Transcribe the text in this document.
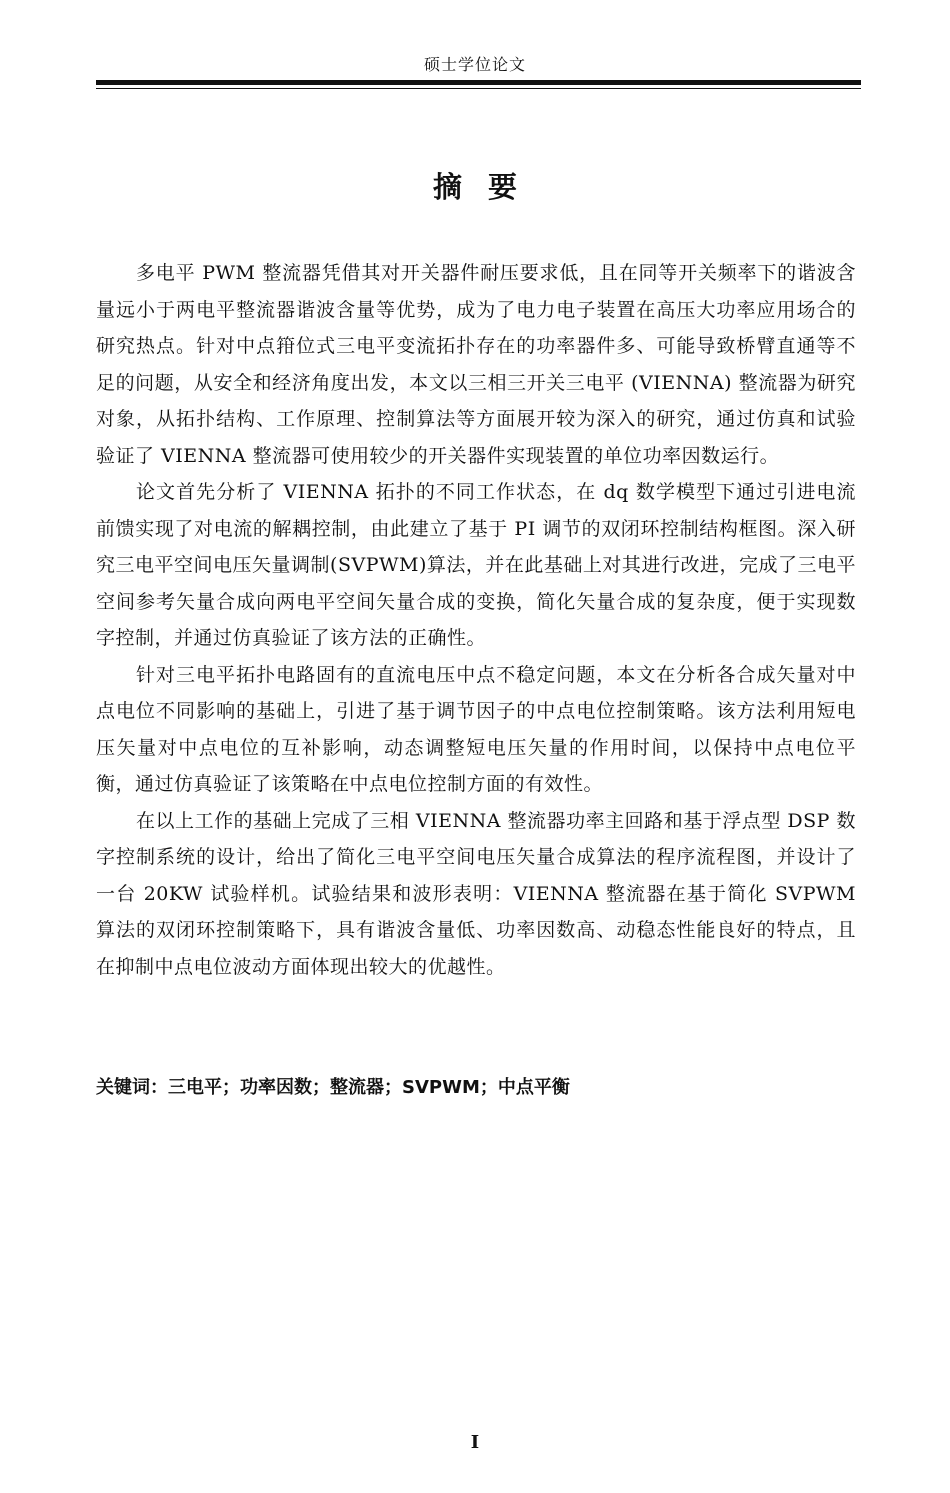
硕士学位论文
摘要

多电平 PWM 整流器凭借其对开关器件耐压要求低，且在同等开关频率下的谐波含量远小于两电平整流器谐波含量等优势，成为了电力电子装置在高压大功率应用场合的研究热点。针对中点箝位式三电平变流拓扑存在的功率器件多、可能导致桥臂直通等不足的问题，从安全和经济角度出发，本文以三相三开关三电平 (VIENNA) 整流器为研究对象，从拓扑结构、工作原理、控制算法等方面展开较为深入的研究，通过仿真和试验验证了 VIENNA 整流器可使用较少的开关器件实现装置的单位功率因数运行。

论文首先分析了 VIENNA 拓扑的不同工作状态，在 dq 数学模型下通过引进电流前馈实现了对电流的解耦控制，由此建立了基于 PI 调节的双闭环控制结构框图。深入研究三电平空间电压矢量调制(SVPWM)算法，并在此基础上对其进行改进，完成了三电平空间参考矢量合成向两电平空间矢量合成的变换，简化矢量合成的复杂度，便于实现数字控制，并通过仿真验证了该方法的正确性。

针对三电平拓扑电路固有的直流电压中点不稳定问题，本文在分析各合成矢量对中点电位不同影响的基础上，引进了基于调节因子的中点电位控制策略。该方法利用短电压矢量对中点电位的互补影响，动态调整短电压矢量的作用时间，以保持中点电位平衡，通过仿真验证了该策略在中点电位控制方面的有效性。

在以上工作的基础上完成了三相 VIENNA 整流器功率主回路和基于浮点型 DSP 数字控制系统的设计，给出了简化三电平空间电压矢量合成算法的程序流程图，并设计了一台 20KW 试验样机。试验结果和波形表明：VIENNA 整流器在基于简化 SVPWM 算法的双闭环控制策略下，具有谐波含量低、功率因数高、动稳态性能良好的特点，且在抑制中点电位波动方面体现出较大的优越性。

关键词：三电平；功率因数；整流器；SVPWM；中点平衡
I
